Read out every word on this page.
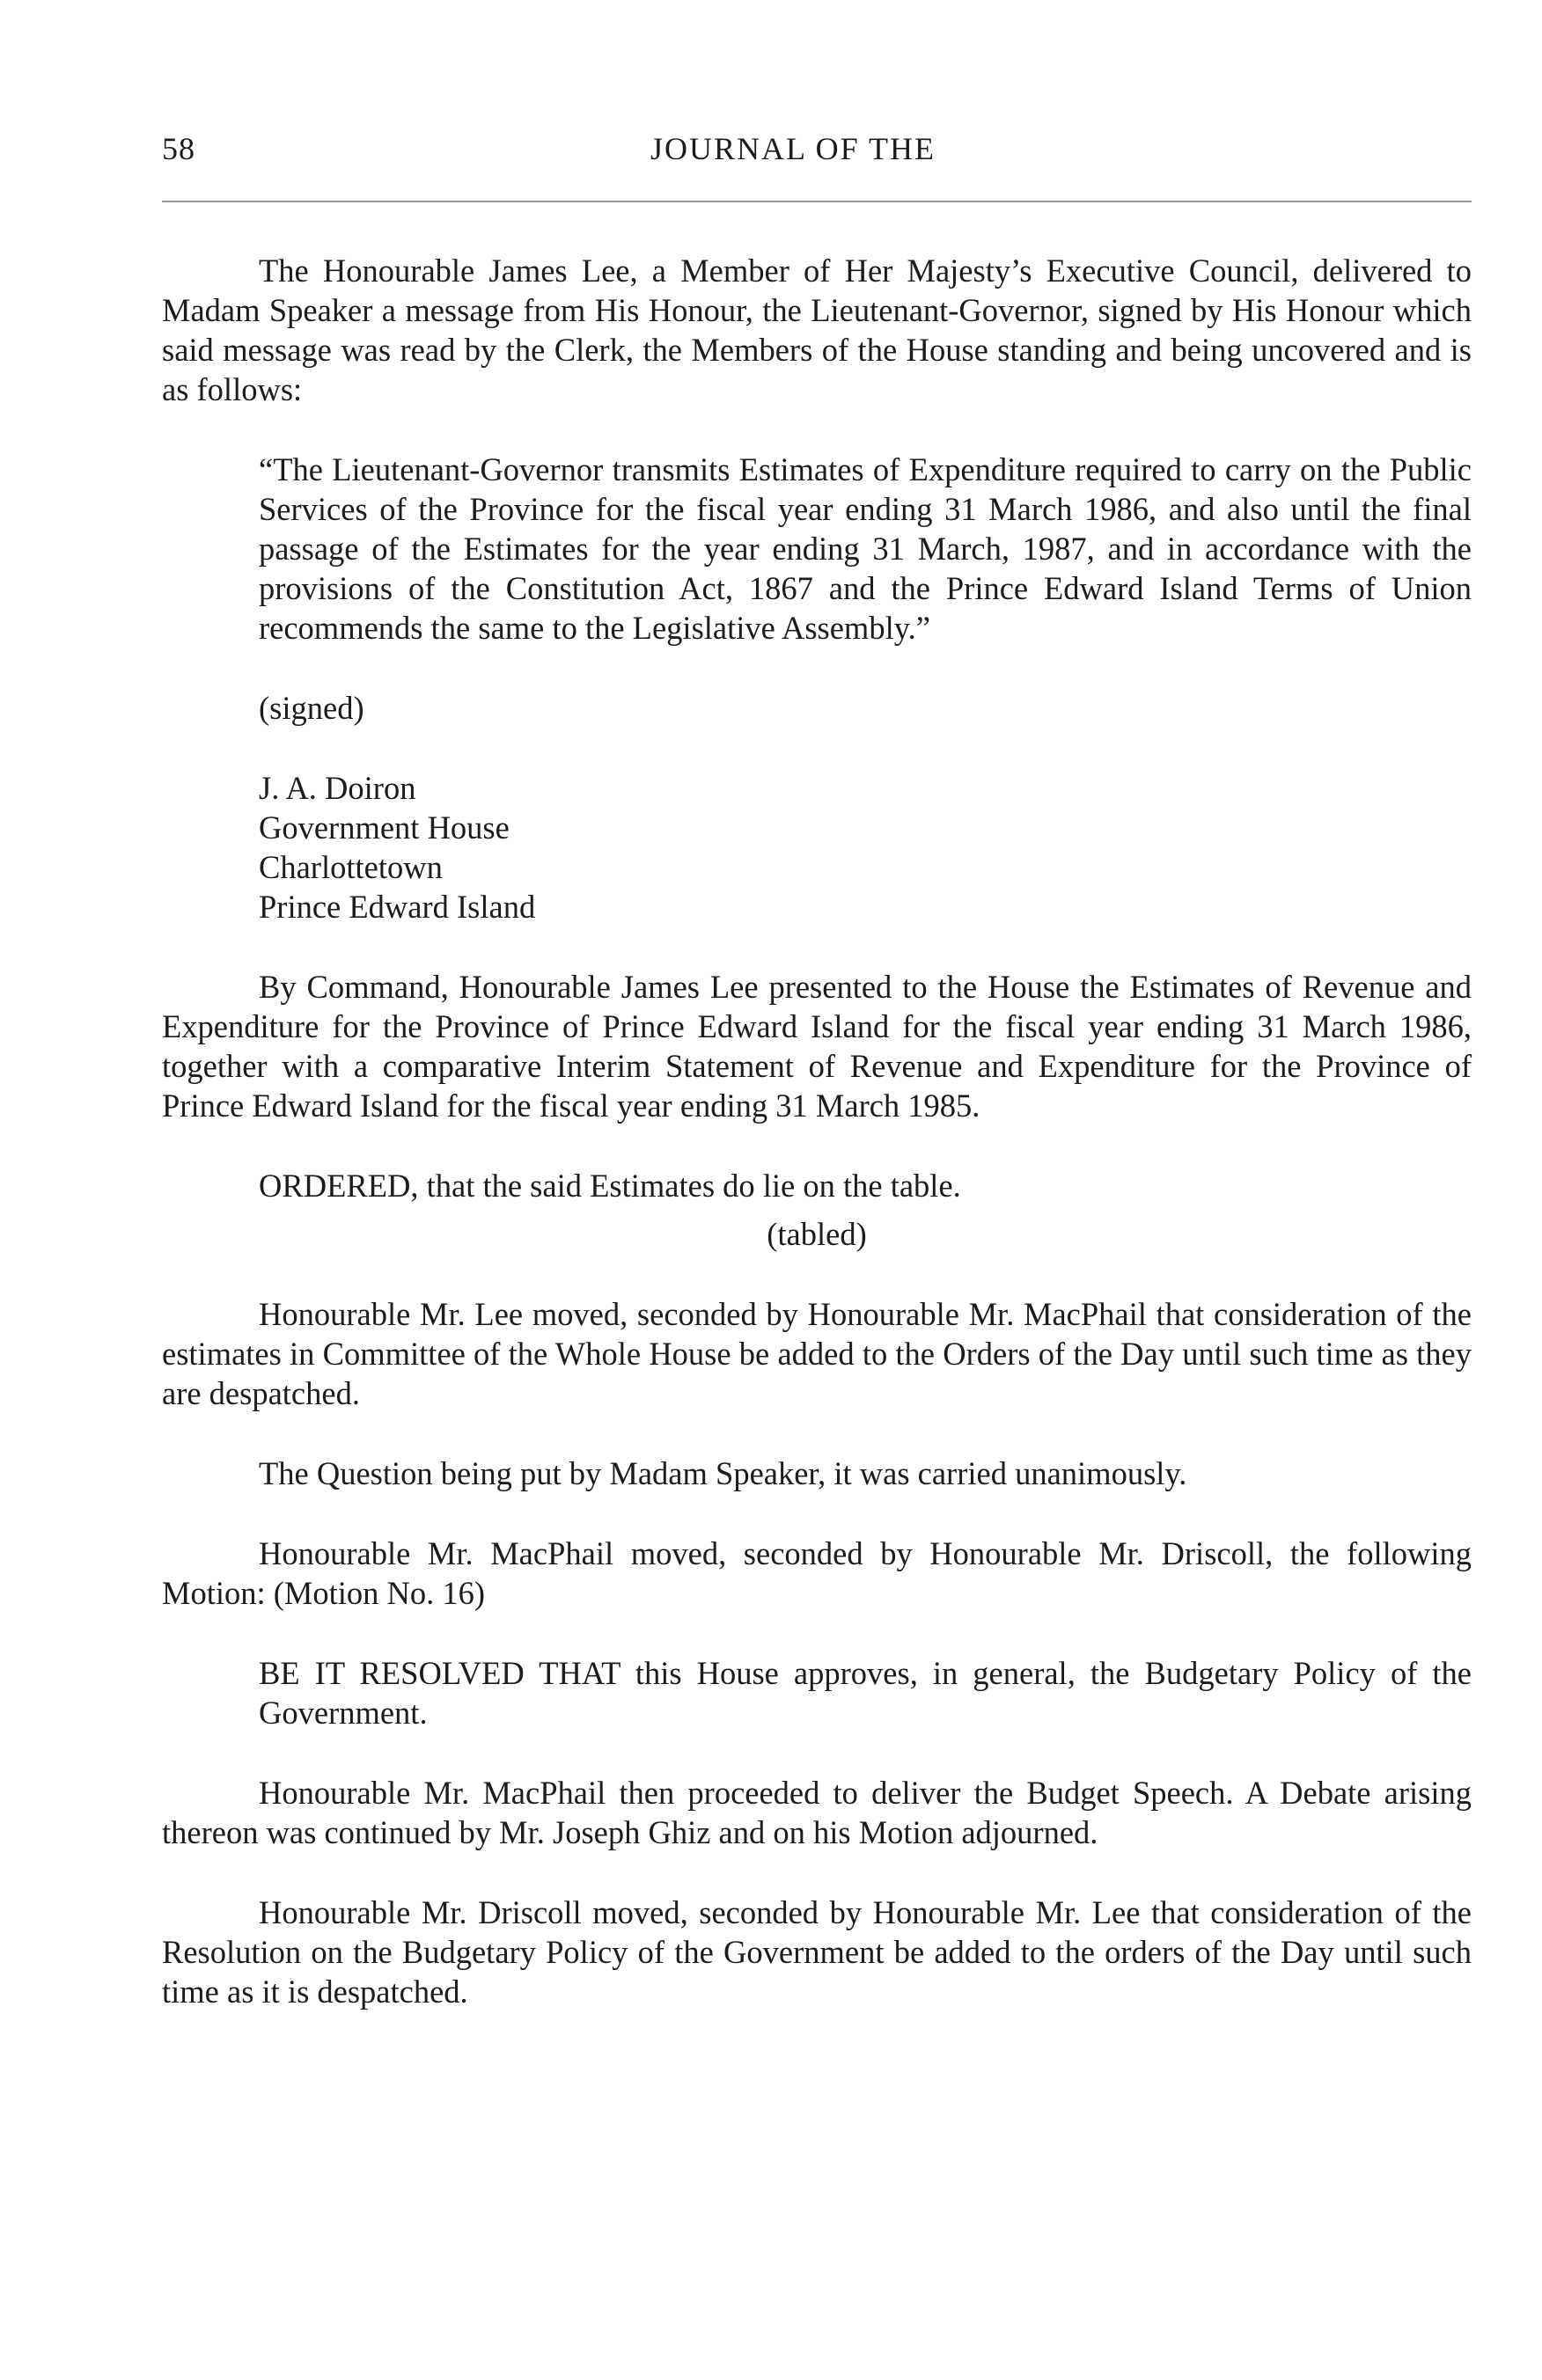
58	JOURNAL OF THE

The Honourable James Lee, a Member of Her Majesty’s Executive Council, delivered to Madam Speaker a message from His Honour, the Lieutenant-Governor, signed by His Honour which said message was read by the Clerk, the Members of the House standing and being uncovered and is as follows:

“The Lieutenant-Governor transmits Estimates of Expenditure required to carry on the Public Services of the Province for the fiscal year ending 31 March 1986, and also until the final passage of the Estimates for the year ending 31 March, 1987, and in accordance with the provisions of the Constitution Act, 1867 and the Prince Edward Island Terms of Union recommends the same to the Legislative Assembly.”

(signed)

J. A. Doiron
Government House
Charlottetown
Prince Edward Island

By Command, Honourable James Lee presented to the House the Estimates of Revenue and Expenditure for the Province of Prince Edward Island for the fiscal year ending 31 March 1986, together with a comparative Interim Statement of Revenue and Expenditure for the Province of Prince Edward Island for the fiscal year ending 31 March 1985.

ORDERED, that the said Estimates do lie on the table.

(tabled)

Honourable Mr. Lee moved, seconded by Honourable Mr. MacPhail that consideration of the estimates in Committee of the Whole House be added to the Orders of the Day until such time as they are despatched.

The Question being put by Madam Speaker, it was carried unanimously.

Honourable Mr. MacPhail moved, seconded by Honourable Mr. Driscoll, the following Motion: (Motion No. 16)

BE IT RESOLVED THAT this House approves, in general, the Budgetary Policy of the Government.

Honourable Mr. MacPhail then proceeded to deliver the Budget Speech. A Debate arising thereon was continued by Mr. Joseph Ghiz and on his Motion adjourned.

Honourable Mr. Driscoll moved, seconded by Honourable Mr. Lee that consideration of the Resolution on the Budgetary Policy of the Government be added to the orders of the Day until such time as it is despatched.
